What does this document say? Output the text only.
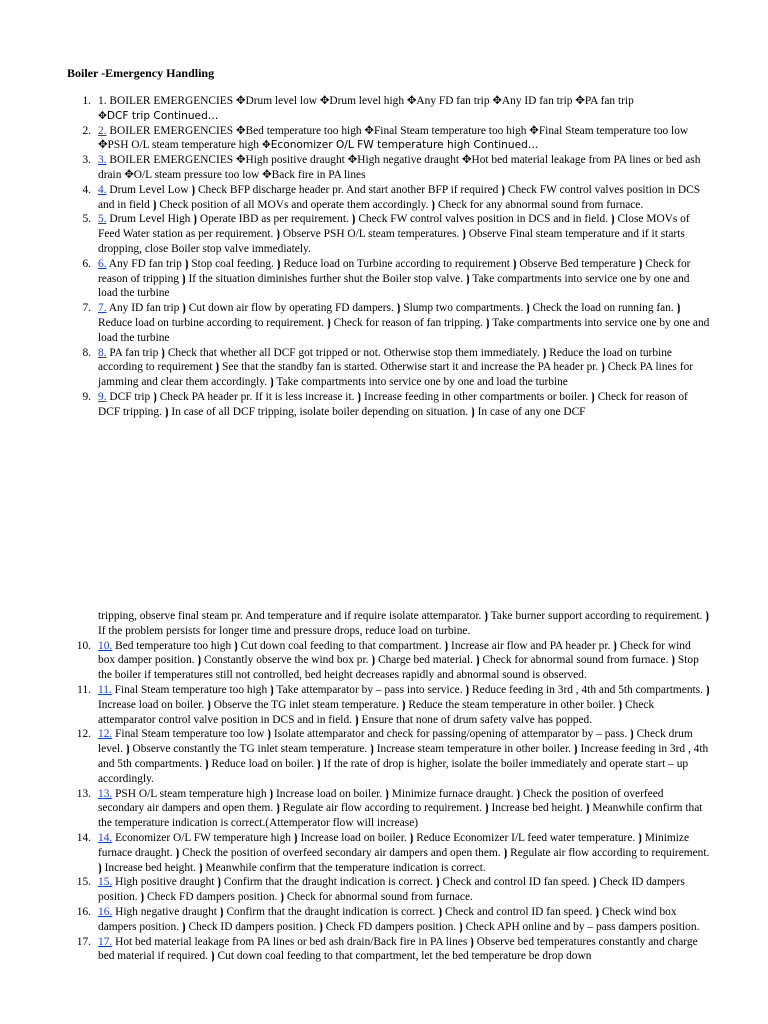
Boiler -Emergency Handling
1. 1. BOILER EMERGENCIES ✥Drum level low ✥Drum level high ✥Any FD fan trip ✥Any ID fan trip ✥PA fan trip
✥DCF trip Continued…
2. 2. BOILER EMERGENCIES ✥Bed temperature too high ✥Final Steam temperature too high ✥Final Steam temperature too low ✥PSH O/L steam temperature high ✥Economizer O/L FW temperature high Continued…
3. 3. BOILER EMERGENCIES ✥High positive draught ✥High negative draught ✥Hot bed material leakage from PA lines or bed ash drain ✥O/L steam pressure too low ✥Back fire in PA lines
4. 4. Drum Level Low ⦘ Check BFP discharge header pr. And start another BFP if required ⦘ Check FW control valves position in DCS and in field ⦘ Check position of all MOVs and operate them accordingly. ⦘ Check for any abnormal sound from furnace.
5. 5. Drum Level High ⦘ Operate IBD as per requirement. ⦘ Check FW control valves position in DCS and in field. ⦘ Close MOVs of Feed Water station as per requirement. ⦘ Observe PSH O/L steam temperatures. ⦘ Observe Final steam temperature and if it starts dropping, close Boiler stop valve immediately.
6. 6. Any FD fan trip ⦘ Stop coal feeding. ⦘ Reduce load on Turbine according to requirement ⦘ Observe Bed temperature ⦘ Check for reason of tripping ⦘ If the situation diminishes further shut the Boiler stop valve. ⦘ Take compartments into service one by one and load the turbine
7. 7. Any ID fan trip ⦘ Cut down air flow by operating FD dampers. ⦘ Slump two compartments. ⦘ Check the load on running fan. ⦘ Reduce load on turbine according to requirement. ⦘ Check for reason of fan tripping. ⦘ Take compartments into service one by one and load the turbine
8. 8. PA fan trip ⦘ Check that whether all DCF got tripped or not. Otherwise stop them immediately. ⦘ Reduce the load on turbine according to requirement ⦘ See that the standby fan is started. Otherwise start it and increase the PA header pr. ⦘ Check PA lines for jamming and clear them accordingly. ⦘ Take compartments into service one by one and load the turbine
9. 9. DCF trip ⦘ Check PA header pr. If it is less increase it. ⦘ Increase feeding in other compartments or boiler. ⦘ Check for reason of DCF tripping. ⦘ In case of all DCF tripping, isolate boiler depending on situation. ⦘ In case of any one DCF
tripping, observe final steam pr. And temperature and if require isolate attemparator. ⦘ Take burner support according to requirement. ⦘ If the problem persists for longer time and pressure drops, reduce load on turbine.
10. 10. Bed temperature too high ⦘ Cut down coal feeding to that compartment. ⦘ Increase air flow and PA header pr. ⦘ Check for wind box damper position. ⦘ Constantly observe the wind box pr. ⦘ Charge bed material. ⦘ Check for abnormal sound from furnace. ⦘ Stop the boiler if temperatures still not controlled, bed height decreases rapidly and abnormal sound is observed.
11. 11. Final Steam temperature too high ⦘ Take attemparator by – pass into service. ⦘ Reduce feeding in 3rd , 4th and 5th compartments. ⦘ Increase load on boiler. ⦘ Observe the TG inlet steam temperature. ⦘ Reduce the steam temperature in other boiler. ⦘ Check attemparator control valve position in DCS and in field. ⦘ Ensure that none of drum safety valve has popped.
12. 12. Final Steam temperature too low ⦘ Isolate attemparator and check for passing/opening of attemparator by – pass. ⦘ Check drum level. ⦘ Observe constantly the TG inlet steam temperature. ⦘ Increase steam temperature in other boiler. ⦘ Increase feeding in 3rd , 4th and 5th compartments. ⦘ Reduce load on boiler. ⦘ If the rate of drop is higher, isolate the boiler immediately and operate start – up accordingly.
13. 13. PSH O/L steam temperature high ⦘ Increase load on boiler. ⦘ Minimize furnace draught. ⦘ Check the position of overfeed secondary air dampers and open them. ⦘ Regulate air flow according to requirement. ⦘ Increase bed height. ⦘ Meanwhile confirm that the temperature indication is correct.(Attemperator flow will increase)
14. 14. Economizer O/L FW temperature high ⦘ Increase load on boiler. ⦘ Reduce Economizer I/L feed water temperature. ⦘ Minimize furnace draught. ⦘ Check the position of overfeed secondary air dampers and open them. ⦘ Regulate air flow according to requirement. ⦘ Increase bed height. ⦘ Meanwhile confirm that the temperature indication is correct.
15. 15. High positive draught ⦘ Confirm that the draught indication is correct. ⦘ Check and control ID fan speed. ⦘ Check ID dampers position. ⦘ Check FD dampers position. ⦘ Check for abnormal sound from furnace.
16. 16. High negative draught ⦘ Confirm that the draught indication is correct. ⦘ Check and control ID fan speed. ⦘ Check wind box dampers position. ⦘ Check ID dampers position. ⦘ Check FD dampers position. ⦘ Check APH online and by – pass dampers position.
17. 17. Hot bed material leakage from PA lines or bed ash drain/Back fire in PA lines ⦘ Observe bed temperatures constantly and charge bed material if required. ⦘ Cut down coal feeding to that compartment, let the bed temperature be drop down
